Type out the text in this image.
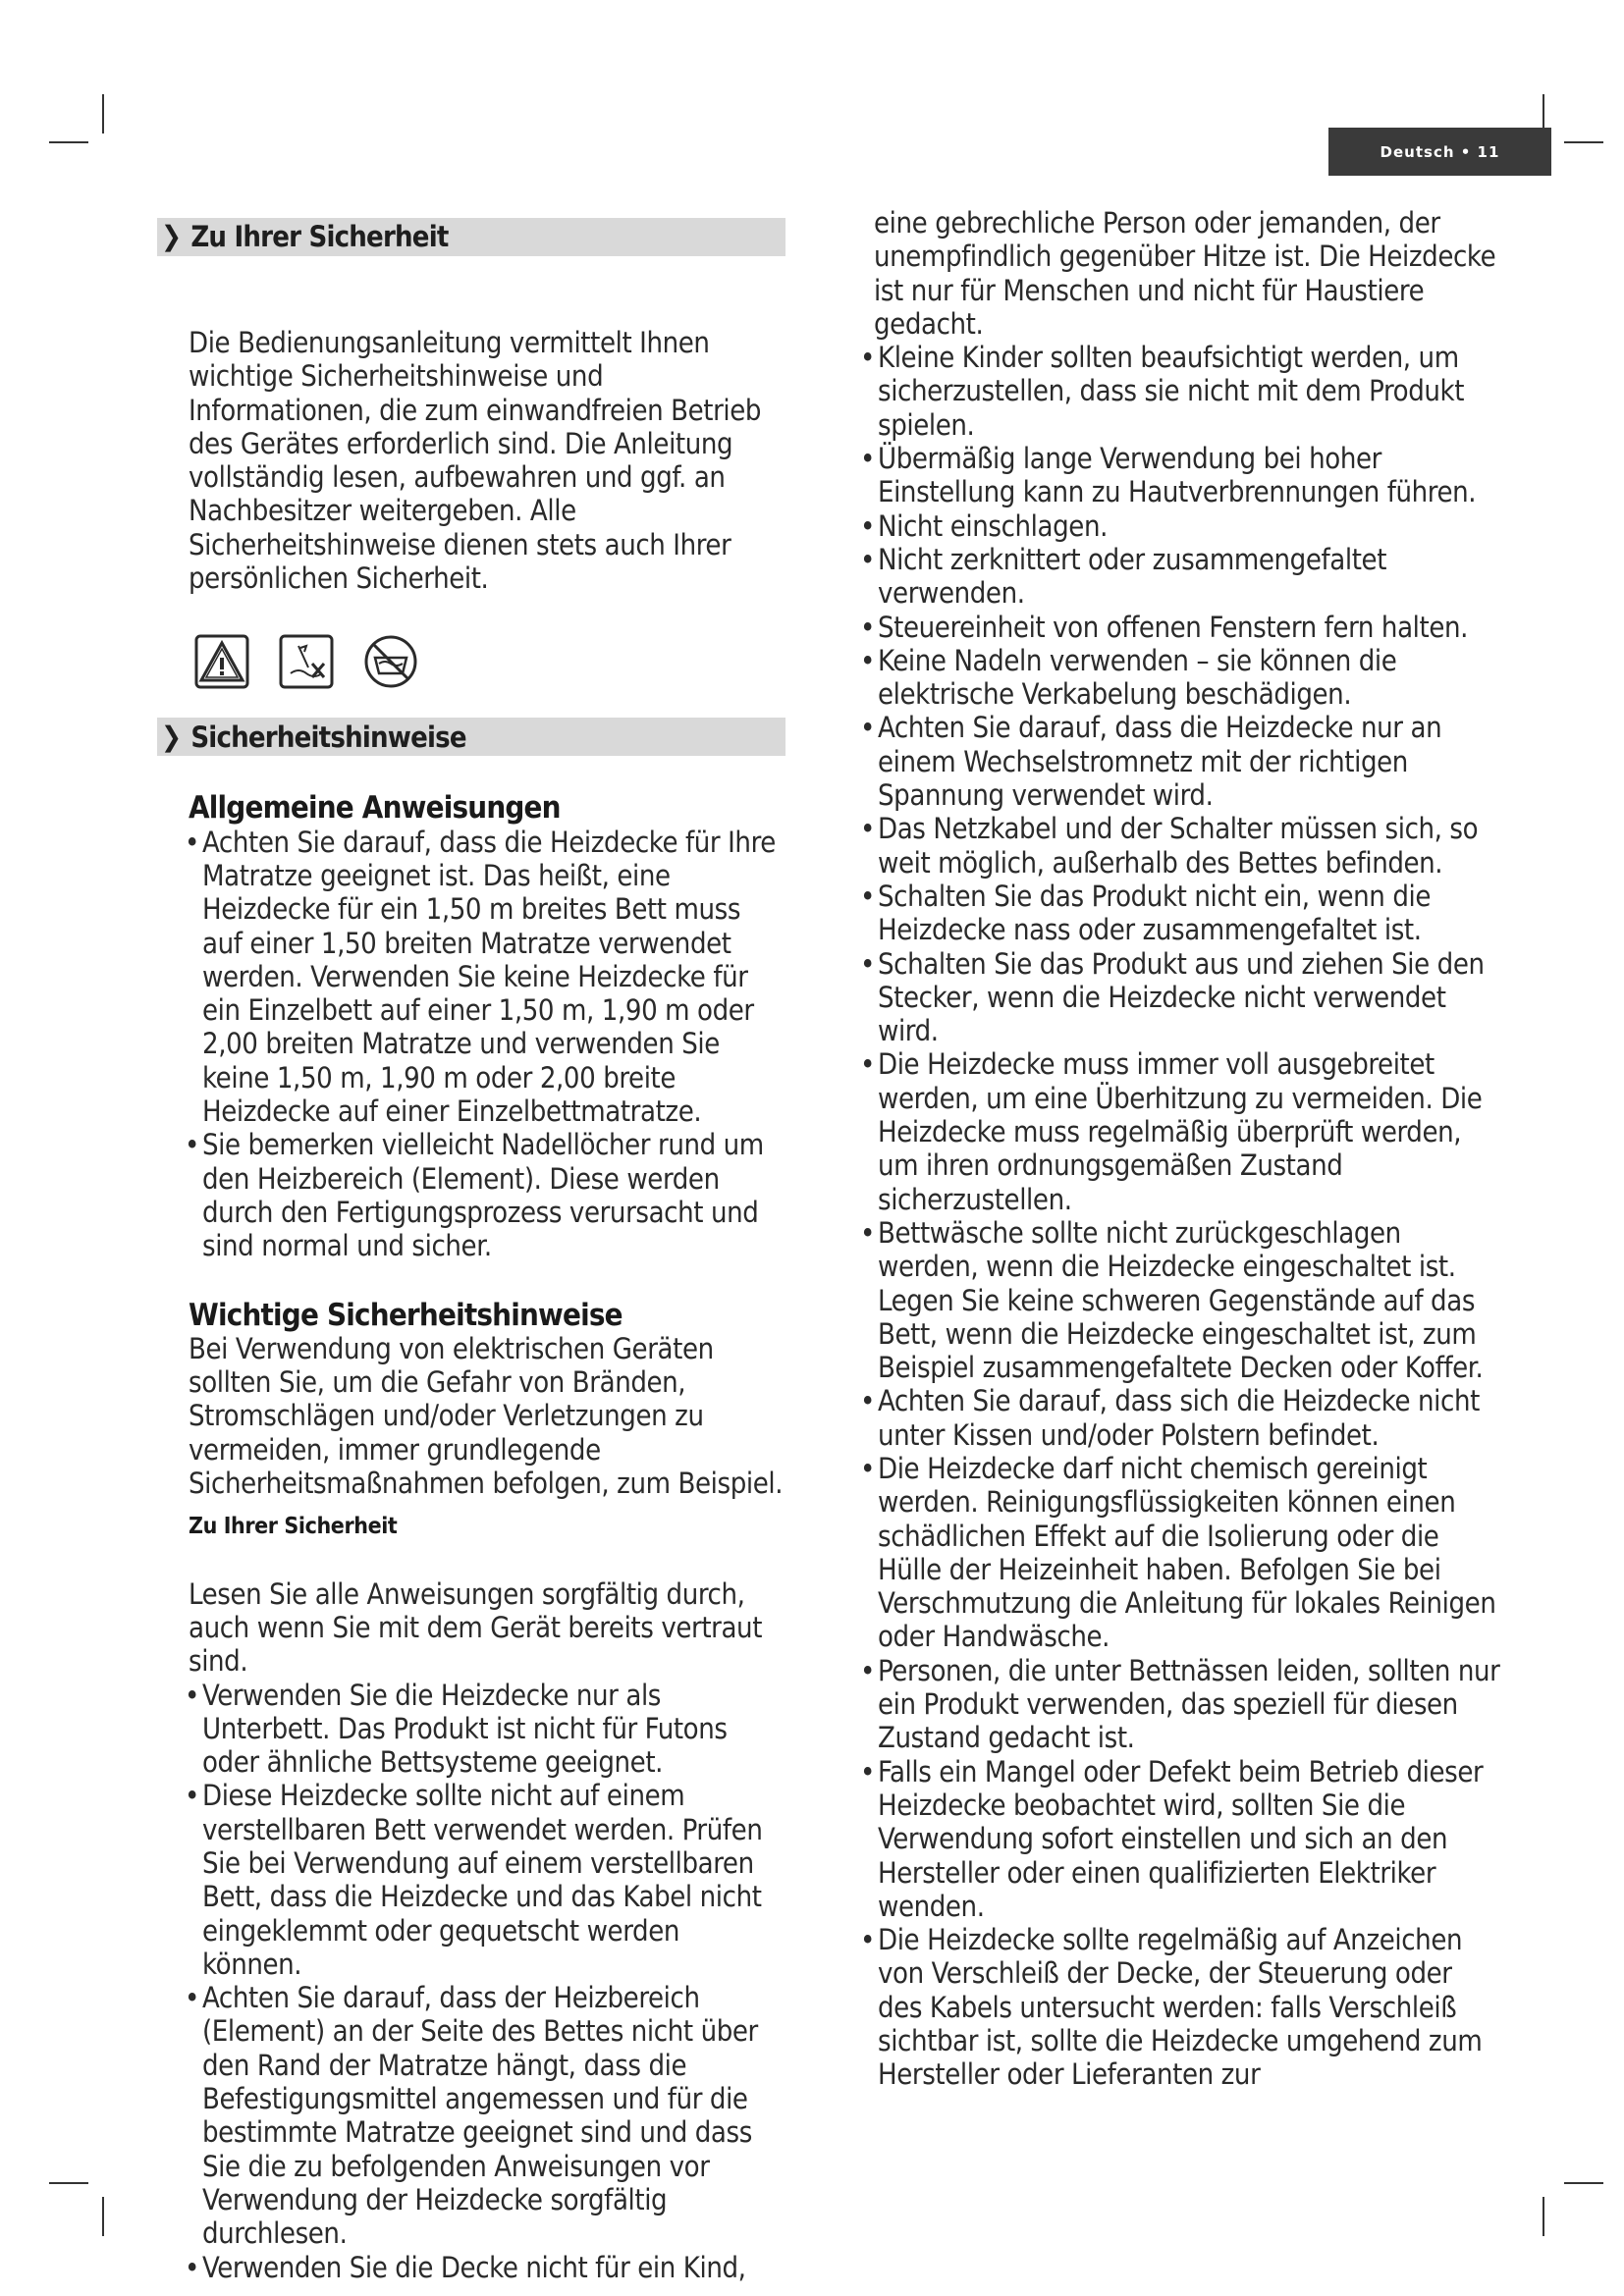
Deutsch • 11
❯ Zu Ihrer Sicherheit
Die Bedienungsanleitung vermittelt Ihnen wichtige Sicherheitshinweise und Informationen, die zum einwandfreien Betrieb des Gerätes erforderlich sind. Die Anleitung vollständig lesen, aufbewahren und ggf. an Nachbesitzer weitergeben. Alle Sicherheitshinweise dienen stets auch Ihrer persönlichen Sicherheit.
❯ Sicherheitshinweise
Allgemeine Anweisungen
• Achten Sie darauf, dass die Heizdecke für Ihre Matratze geeignet ist. Das heißt, eine Heizdecke für ein 1,50 m breites Bett muss auf einer 1,50 breiten Matratze verwendet werden. Verwenden Sie keine Heizdecke für ein Einzelbett auf einer 1,50 m, 1,90 m oder 2,00 breiten Matratze und verwenden Sie keine 1,50 m, 1,90 m oder 2,00 breite Heizdecke auf einer Einzelbettmatratze.
• Sie bemerken vielleicht Nadellöcher rund um den Heizbereich (Element). Diese werden durch den Fertigungsprozess verursacht und sind normal und sicher.
Wichtige Sicherheitshinweise
Bei Verwendung von elektrischen Geräten sollten Sie, um die Gefahr von Bränden, Stromschlägen und/oder Verletzungen zu vermeiden, immer grundlegende Sicherheitsmaßnahmen befolgen, zum Beispiel.
Zu Ihrer Sicherheit
Lesen Sie alle Anweisungen sorgfältig durch, auch wenn Sie mit dem Gerät bereits vertraut sind.
• Verwenden Sie die Heizdecke nur als Unterbett. Das Produkt ist nicht für Futons oder ähnliche Bettsysteme geeignet.
• Diese Heizdecke sollte nicht auf einem verstellbaren Bett verwendet werden. Prüfen Sie bei Verwendung auf einem verstellbaren Bett, dass die Heizdecke und das Kabel nicht eingeklemmt oder gequetscht werden können.
• Achten Sie darauf, dass der Heizbereich (Element) an der Seite des Bettes nicht über den Rand der Matratze hängt, dass die Befestigungsmittel angemessen und für die bestimmte Matratze geeignet sind und dass Sie die zu befolgenden Anweisungen vor Verwendung der Heizdecke sorgfältig durchlesen.
• Verwenden Sie die Decke nicht für ein Kind,
eine gebrechliche Person oder jemanden, der unempfindlich gegenüber Hitze ist. Die Heizdecke ist nur für Menschen und nicht für Haustiere gedacht.
• Kleine Kinder sollten beaufsichtigt werden, um sicherzustellen, dass sie nicht mit dem Produkt spielen.
• Übermäßig lange Verwendung bei hoher Einstellung kann zu Hautverbrennungen führen.
• Nicht einschlagen.
• Nicht zerknittert oder zusammengefaltet verwenden.
• Steuereinheit von offenen Fenstern fern halten.
• Keine Nadeln verwenden – sie können die elektrische Verkabelung beschädigen.
• Achten Sie darauf, dass die Heizdecke nur an einem Wechselstromnetz mit der richtigen Spannung verwendet wird.
• Das Netzkabel und der Schalter müssen sich, so weit möglich, außerhalb des Bettes befinden.
• Schalten Sie das Produkt nicht ein, wenn die Heizdecke nass oder zusammengefaltet ist.
• Schalten Sie das Produkt aus und ziehen Sie den Stecker, wenn die Heizdecke nicht verwendet wird.
• Die Heizdecke muss immer voll ausgebreitet werden, um eine Überhitzung zu vermeiden. Die Heizdecke muss regelmäßig überprüft werden, um ihren ordnungsgemäßen Zustand sicherzustellen.
• Bettwäsche sollte nicht zurückgeschlagen werden, wenn die Heizdecke eingeschaltet ist. Legen Sie keine schweren Gegenstände auf das Bett, wenn die Heizdecke eingeschaltet ist, zum Beispiel zusammengefaltete Decken oder Koffer.
• Achten Sie darauf, dass sich die Heizdecke nicht unter Kissen und/oder Polstern befindet.
• Die Heizdecke darf nicht chemisch gereinigt werden. Reinigungsflüssigkeiten können einen schädlichen Effekt auf die Isolierung oder die Hülle der Heizeinheit haben. Befolgen Sie bei Verschmutzung die Anleitung für lokales Reinigen oder Handwäsche.
• Personen, die unter Bettnässen leiden, sollten nur ein Produkt verwenden, das speziell für diesen Zustand gedacht ist.
• Falls ein Mangel oder Defekt beim Betrieb dieser Heizdecke beobachtet wird, sollten Sie die Verwendung sofort einstellen und sich an den Hersteller oder einen qualifizierten Elektriker wenden.
• Die Heizdecke sollte regelmäßig auf Anzeichen von Verschleiß der Decke, der Steuerung oder des Kabels untersucht werden: falls Verschleiß sichtbar ist, sollte die Heizdecke umgehend zum Hersteller oder Lieferanten zur
